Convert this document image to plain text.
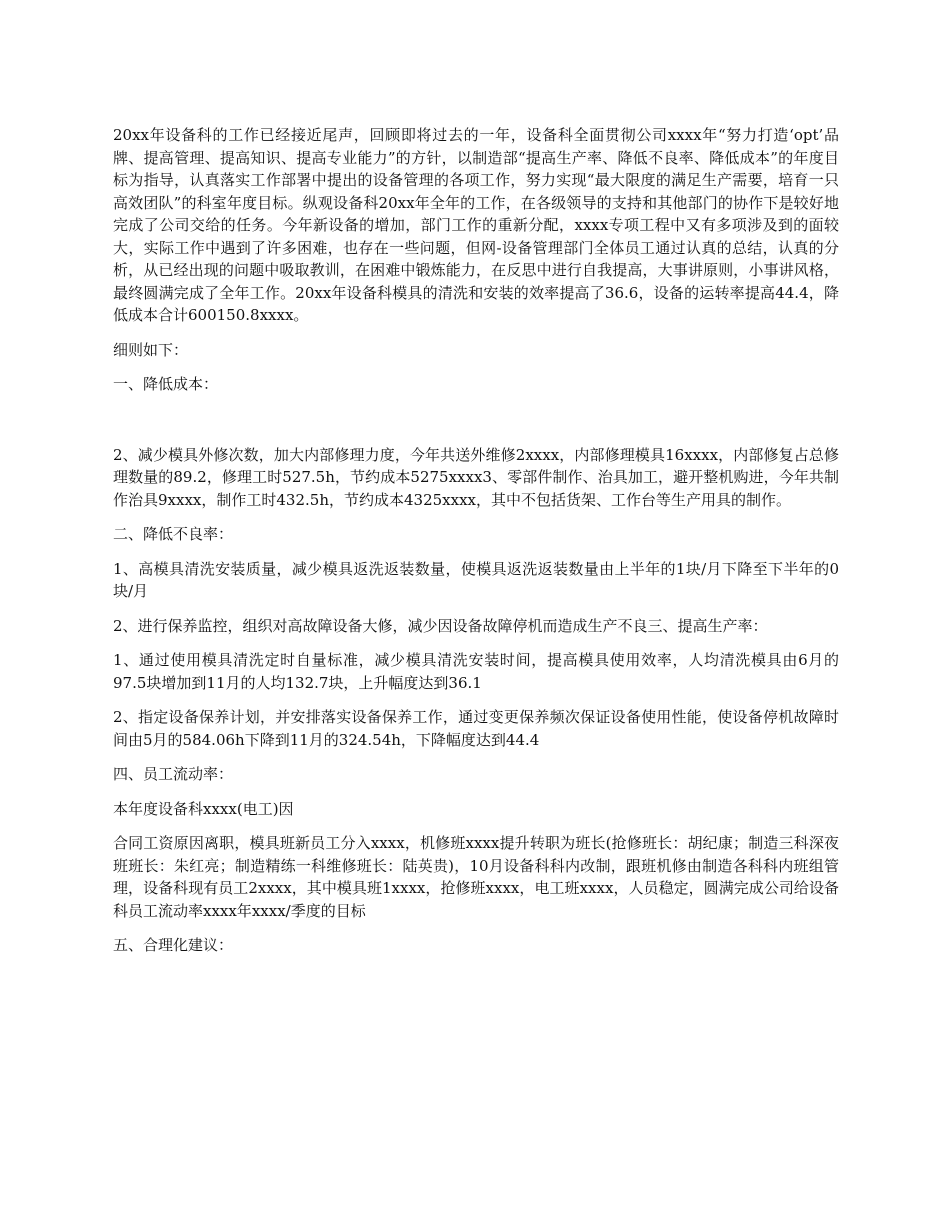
20xx年设备科的工作已经接近尾声，回顾即将过去的一年，设备科全面贯彻公司xxxx年“努力打造‘opt’品牌、提高管理、提高知识、提高专业能力”的方针，以制造部“提高生产率、降低不良率、降低成本”的年度目标为指导，认真落实工作部署中提出的设备管理的各项工作，努力实现“最大限度的满足生产需要，培育一只高效团队”的科室年度目标。纵观设备科20xx年全年的工作，在各级领导的支持和其他部门的协作下是较好地完成了公司交给的任务。今年新设备的增加，部门工作的重新分配，xxxx专项工程中又有多项涉及到的面较大，实际工作中遇到了许多困难，也存在一些问题，但网-设备管理部门全体员工通过认真的总结，认真的分析，从已经出现的问题中吸取教训，在困难中锻炼能力，在反思中进行自我提高，大事讲原则，小事讲风格，最终圆满完成了全年工作。20xx年设备科模具的清洗和安装的效率提高了36.6，设备的运转率提高44.4，降低成本合计600150.8xxxx。

细则如下：

一、降低成本：

2、减少模具外修次数，加大内部修理力度，今年共送外维修2xxxx，内部修理模具16xxxx，内部修复占总修理数量的89.2，修理工时527.5h，节约成本5275xxxx3、零部件制作、治具加工，避开整机购进，今年共制作治具9xxxx，制作工时432.5h，节约成本4325xxxx，其中不包括货架、工作台等生产用具的制作。

二、降低不良率：

1、高模具清洗安装质量，减少模具返洗返装数量，使模具返洗返装数量由上半年的1块/月下降至下半年的0块/月

2、进行保养监控，组织对高故障设备大修，减少因设备故障停机而造成生产不良三、提高生产率：

1、通过使用模具清洗定时自量标准，减少模具清洗安装时间，提高模具使用效率，人均清洗模具由6月的97.5块增加到11月的人均132.7块，上升幅度达到36.1

2、指定设备保养计划，并安排落实设备保养工作，通过变更保养频次保证设备使用性能，使设备停机故障时间由5月的584.06h下降到11月的324.54h，下降幅度达到44.4

四、员工流动率：

本年度设备科xxxx(电工)因

合同工资原因离职，模具班新员工分入xxxx，机修班xxxx提升转职为班长(抢修班长：胡纪康；制造三科深夜班班长：朱红亮；制造精练一科维修班长：陆英贵)，10月设备科科内改制，跟班机修由制造各科科内班组管理，设备科现有员工2xxxx，其中模具班1xxxx，抢修班xxxx，电工班xxxx，人员稳定，圆满完成公司给设备科员工流动率xxxx年xxxx/季度的目标

五、合理化建议：
